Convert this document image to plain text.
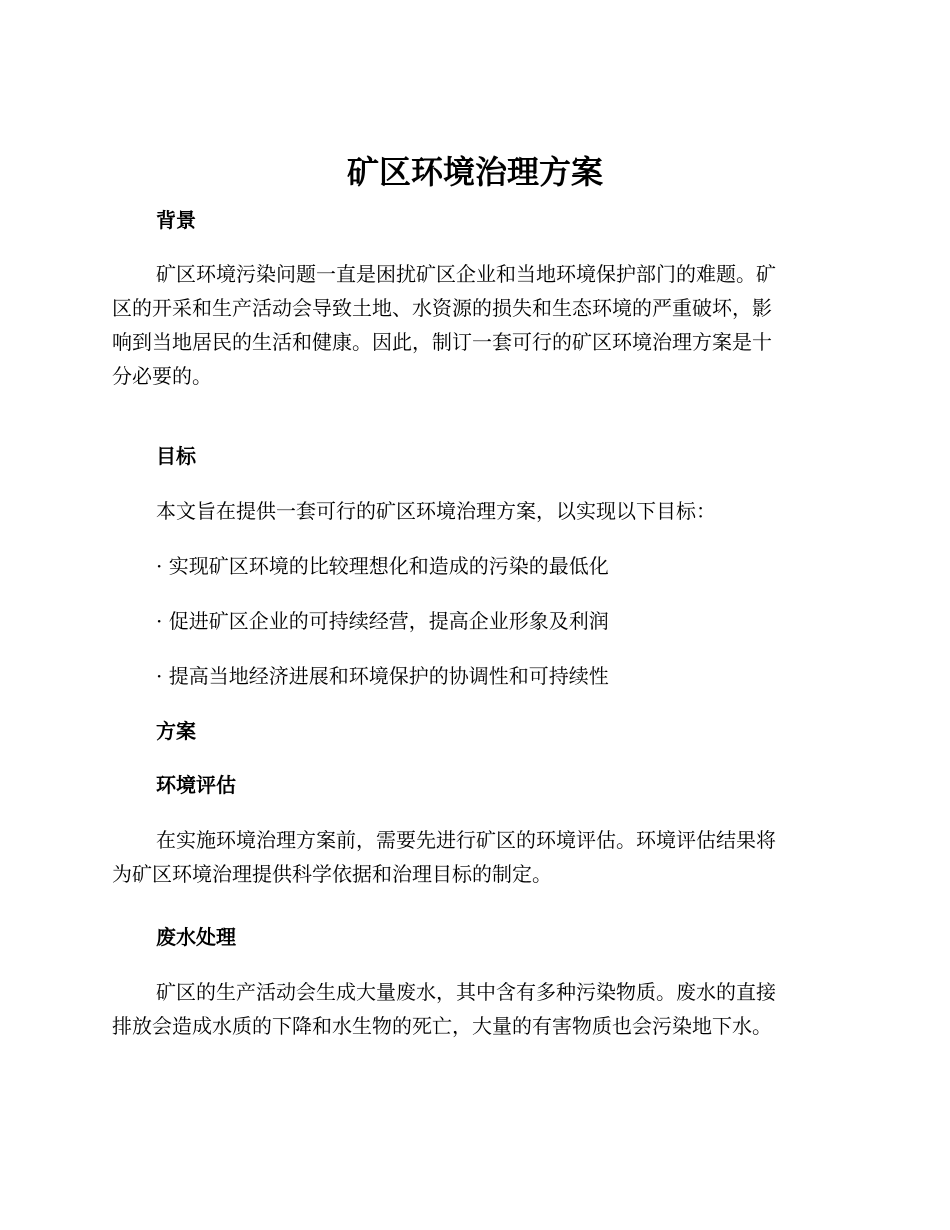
矿区环境治理方案
背景

矿区环境污染问题一直是困扰矿区企业和当地环境保护部门的难题。矿
区的开采和生产活动会导致土地、水资源的损失和生态环境的严重破坏，影
响到当地居民的生活和健康。因此，制订一套可行的矿区环境治理方案是十
分必要的。

目标

本文旨在提供一套可行的矿区环境治理方案，以实现以下目标：

· 实现矿区环境的比较理想化和造成的污染的最低化

· 促进矿区企业的可持续经营，提高企业形象及利润

· 提高当地经济进展和环境保护的协调性和可持续性

方案
环境评估

在实施环境治理方案前，需要先进行矿区的环境评估。环境评估结果将
为矿区环境治理提供科学依据和治理目标的制定。

废水处理

矿区的生产活动会生成大量废水，其中含有多种污染物质。废水的直接
排放会造成水质的下降和水生物的死亡，大量的有害物质也会污染地下水。
